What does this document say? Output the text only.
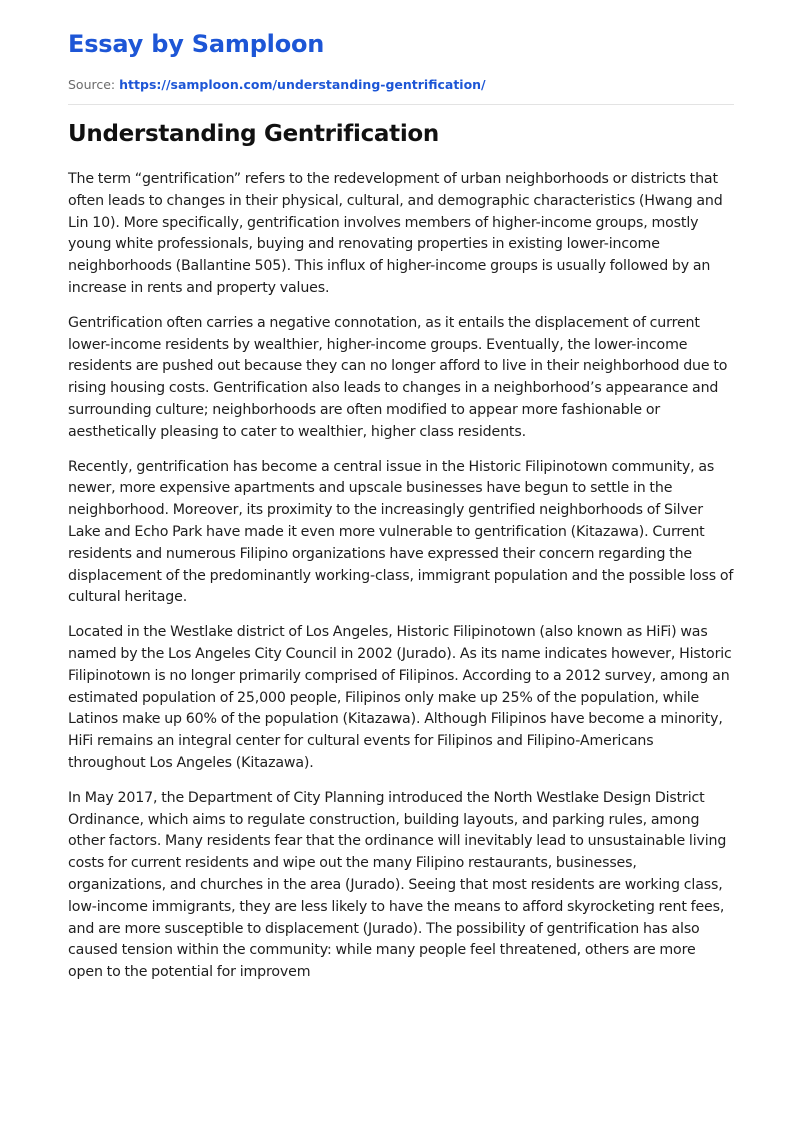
Essay by Samploon
Source: https://samploon.com/understanding-gentrification/
Understanding Gentrification

The term “gentrification” refers to the redevelopment of urban neighborhoods or districts that often leads to changes in their physical, cultural, and demographic characteristics (Hwang and Lin 10). More specifically, gentrification involves members of higher-income groups, mostly young white professionals, buying and renovating properties in existing lower-income neighborhoods (Ballantine 505). This influx of higher-income groups is usually followed by an increase in rents and property values.

Gentrification often carries a negative connotation, as it entails the displacement of current lower-income residents by wealthier, higher-income groups. Eventually, the lower-income residents are pushed out because they can no longer afford to live in their neighborhood due to rising housing costs. Gentrification also leads to changes in a neighborhood’s appearance and surrounding culture; neighborhoods are often modified to appear more fashionable or aesthetically pleasing to cater to wealthier, higher class residents.

Recently, gentrification has become a central issue in the Historic Filipinotown community, as newer, more expensive apartments and upscale businesses have begun to settle in the neighborhood. Moreover, its proximity to the increasingly gentrified neighborhoods of Silver Lake and Echo Park have made it even more vulnerable to gentrification (Kitazawa). Current residents and numerous Filipino organizations have expressed their concern regarding the displacement of the predominantly working-class, immigrant population and the possible loss of cultural heritage.

Located in the Westlake district of Los Angeles, Historic Filipinotown (also known as HiFi) was named by the Los Angeles City Council in 2002 (Jurado). As its name indicates however, Historic Filipinotown is no longer primarily comprised of Filipinos. According to a 2012 survey, among an estimated population of 25,000 people, Filipinos only make up 25% of the population, while Latinos make up 60% of the population (Kitazawa). Although Filipinos have become a minority, HiFi remains an integral center for cultural events for Filipinos and Filipino-Americans throughout Los Angeles (Kitazawa).

In May 2017, the Department of City Planning introduced the North Westlake Design District Ordinance, which aims to regulate construction, building layouts, and parking rules, among other factors. Many residents fear that the ordinance will inevitably lead to unsustainable living costs for current residents and wipe out the many Filipino restaurants, businesses, organizations, and churches in the area (Jurado). Seeing that most residents are working class, low-income immigrants, they are less likely to have the means to afford skyrocketing rent fees, and are more susceptible to displacement (Jurado). The possibility of gentrification has also caused tension within the community: while many people feel threatened, others are more open to the potential for improvem
